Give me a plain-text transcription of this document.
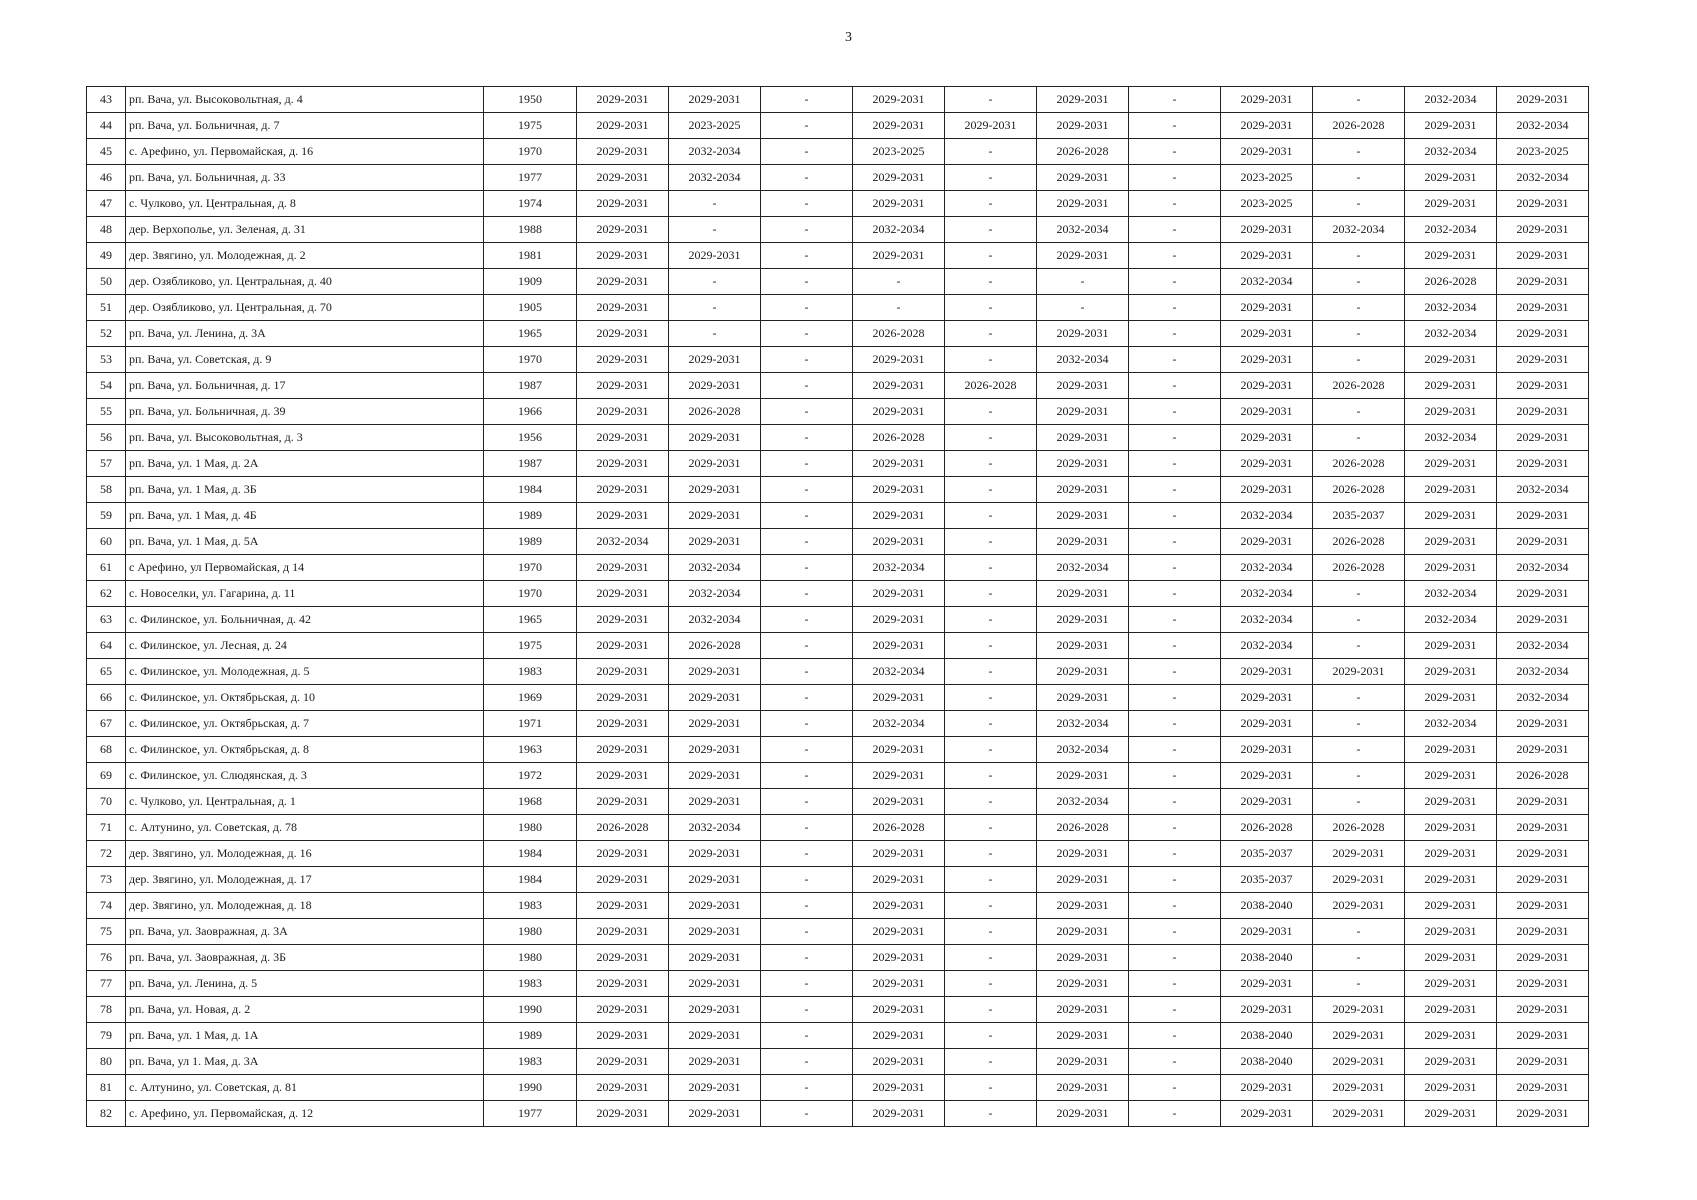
3
43	рп. Вача, ул. Высоковольтная, д. 4	1950	2029-2031	2029-2031	-	2029-2031	-	2029-2031	-	2029-2031	-	2032-2034	2029-2031
44	рп. Вача, ул. Больничная, д. 7	1975	2029-2031	2023-2025	-	2029-2031	2029-2031	2029-2031	-	2029-2031	2026-2028	2029-2031	2032-2034
45	с. Арефино, ул. Первомайская, д. 16	1970	2029-2031	2032-2034	-	2023-2025	-	2026-2028	-	2029-2031	-	2032-2034	2023-2025
46	рп. Вача, ул. Больничная, д. 33	1977	2029-2031	2032-2034	-	2029-2031	-	2029-2031	-	2023-2025	-	2029-2031	2032-2034
47	с. Чулково, ул. Центральная, д. 8	1974	2029-2031	-	-	2029-2031	-	2029-2031	-	2023-2025	-	2029-2031	2029-2031
48	дер. Верхополье, ул. Зеленая, д. 31	1988	2029-2031	-	-	2032-2034	-	2032-2034	-	2029-2031	2032-2034	2032-2034	2029-2031
49	дер. Звягино, ул. Молодежная, д. 2	1981	2029-2031	2029-2031	-	2029-2031	-	2029-2031	-	2029-2031	-	2029-2031	2029-2031
50	дер. Озябликово, ул. Центральная, д. 40	1909	2029-2031	-	-	-	-	-	-	2032-2034	-	2026-2028	2029-2031
51	дер. Озябликово, ул. Центральная, д. 70	1905	2029-2031	-	-	-	-	-	-	2029-2031	-	2032-2034	2029-2031
52	рп. Вача, ул. Ленина, д. 3А	1965	2029-2031	-	-	2026-2028	-	2029-2031	-	2029-2031	-	2032-2034	2029-2031
53	рп. Вача, ул. Советская, д. 9	1970	2029-2031	2029-2031	-	2029-2031	-	2032-2034	-	2029-2031	-	2029-2031	2029-2031
54	рп. Вача, ул. Больничная, д. 17	1987	2029-2031	2029-2031	-	2029-2031	2026-2028	2029-2031	-	2029-2031	2026-2028	2029-2031	2029-2031
55	рп. Вача, ул. Больничная, д. 39	1966	2029-2031	2026-2028	-	2029-2031	-	2029-2031	-	2029-2031	-	2029-2031	2029-2031
56	рп. Вача, ул. Высоковольтная, д. 3	1956	2029-2031	2029-2031	-	2026-2028	-	2029-2031	-	2029-2031	-	2032-2034	2029-2031
57	рп. Вача, ул. 1 Мая, д. 2А	1987	2029-2031	2029-2031	-	2029-2031	-	2029-2031	-	2029-2031	2026-2028	2029-2031	2029-2031
58	рп. Вача, ул. 1 Мая, д. 3Б	1984	2029-2031	2029-2031	-	2029-2031	-	2029-2031	-	2029-2031	2026-2028	2029-2031	2032-2034
59	рп. Вача, ул. 1 Мая, д. 4Б	1989	2029-2031	2029-2031	-	2029-2031	-	2029-2031	-	2032-2034	2035-2037	2029-2031	2029-2031
60	рп. Вача, ул. 1 Мая, д. 5А	1989	2032-2034	2029-2031	-	2029-2031	-	2029-2031	-	2029-2031	2026-2028	2029-2031	2029-2031
61	с Арефино, ул Первомайская, д 14	1970	2029-2031	2032-2034	-	2032-2034	-	2032-2034	-	2032-2034	2026-2028	2029-2031	2032-2034
62	с. Новоселки, ул. Гагарина, д. 11	1970	2029-2031	2032-2034	-	2029-2031	-	2029-2031	-	2032-2034	-	2032-2034	2029-2031
63	с. Филинское, ул. Больничная, д. 42	1965	2029-2031	2032-2034	-	2029-2031	-	2029-2031	-	2032-2034	-	2032-2034	2029-2031
64	с. Филинское, ул. Лесная, д. 24	1975	2029-2031	2026-2028	-	2029-2031	-	2029-2031	-	2032-2034	-	2029-2031	2032-2034
65	с. Филинское, ул. Молодежная, д. 5	1983	2029-2031	2029-2031	-	2032-2034	-	2029-2031	-	2029-2031	2029-2031	2029-2031	2032-2034
66	с. Филинское, ул. Октябрьская, д. 10	1969	2029-2031	2029-2031	-	2029-2031	-	2029-2031	-	2029-2031	-	2029-2031	2032-2034
67	с. Филинское, ул. Октябрьская, д. 7	1971	2029-2031	2029-2031	-	2032-2034	-	2032-2034	-	2029-2031	-	2032-2034	2029-2031
68	с. Филинское, ул. Октябрьская, д. 8	1963	2029-2031	2029-2031	-	2029-2031	-	2032-2034	-	2029-2031	-	2029-2031	2029-2031
69	с. Филинское, ул. Слюдянская, д. 3	1972	2029-2031	2029-2031	-	2029-2031	-	2029-2031	-	2029-2031	-	2029-2031	2026-2028
70	с. Чулково, ул. Центральная, д. 1	1968	2029-2031	2029-2031	-	2029-2031	-	2032-2034	-	2029-2031	-	2029-2031	2029-2031
71	с. Алтунино, ул. Советская, д. 78	1980	2026-2028	2032-2034	-	2026-2028	-	2026-2028	-	2026-2028	2026-2028	2029-2031	2029-2031
72	дер. Звягино, ул. Молодежная, д. 16	1984	2029-2031	2029-2031	-	2029-2031	-	2029-2031	-	2035-2037	2029-2031	2029-2031	2029-2031
73	дер. Звягино, ул. Молодежная, д. 17	1984	2029-2031	2029-2031	-	2029-2031	-	2029-2031	-	2035-2037	2029-2031	2029-2031	2029-2031
74	дер. Звягино, ул. Молодежная, д. 18	1983	2029-2031	2029-2031	-	2029-2031	-	2029-2031	-	2038-2040	2029-2031	2029-2031	2029-2031
75	рп. Вача, ул. Заовражная, д. 3А	1980	2029-2031	2029-2031	-	2029-2031	-	2029-2031	-	2029-2031	-	2029-2031	2029-2031
76	рп. Вача, ул. Заовражная, д. 3Б	1980	2029-2031	2029-2031	-	2029-2031	-	2029-2031	-	2038-2040	-	2029-2031	2029-2031
77	рп. Вача, ул. Ленина, д. 5	1983	2029-2031	2029-2031	-	2029-2031	-	2029-2031	-	2029-2031	-	2029-2031	2029-2031
78	рп. Вача, ул. Новая, д. 2	1990	2029-2031	2029-2031	-	2029-2031	-	2029-2031	-	2029-2031	2029-2031	2029-2031	2029-2031
79	рп. Вача, ул. 1 Мая, д. 1А	1989	2029-2031	2029-2031	-	2029-2031	-	2029-2031	-	2038-2040	2029-2031	2029-2031	2029-2031
80	рп. Вача, ул 1. Мая, д. 3А	1983	2029-2031	2029-2031	-	2029-2031	-	2029-2031	-	2038-2040	2029-2031	2029-2031	2029-2031
81	с. Алтунино, ул. Советская, д. 81	1990	2029-2031	2029-2031	-	2029-2031	-	2029-2031	-	2029-2031	2029-2031	2029-2031	2029-2031
82	с. Арефино, ул. Первомайская, д. 12	1977	2029-2031	2029-2031	-	2029-2031	-	2029-2031	-	2029-2031	2029-2031	2029-2031	2029-2031
